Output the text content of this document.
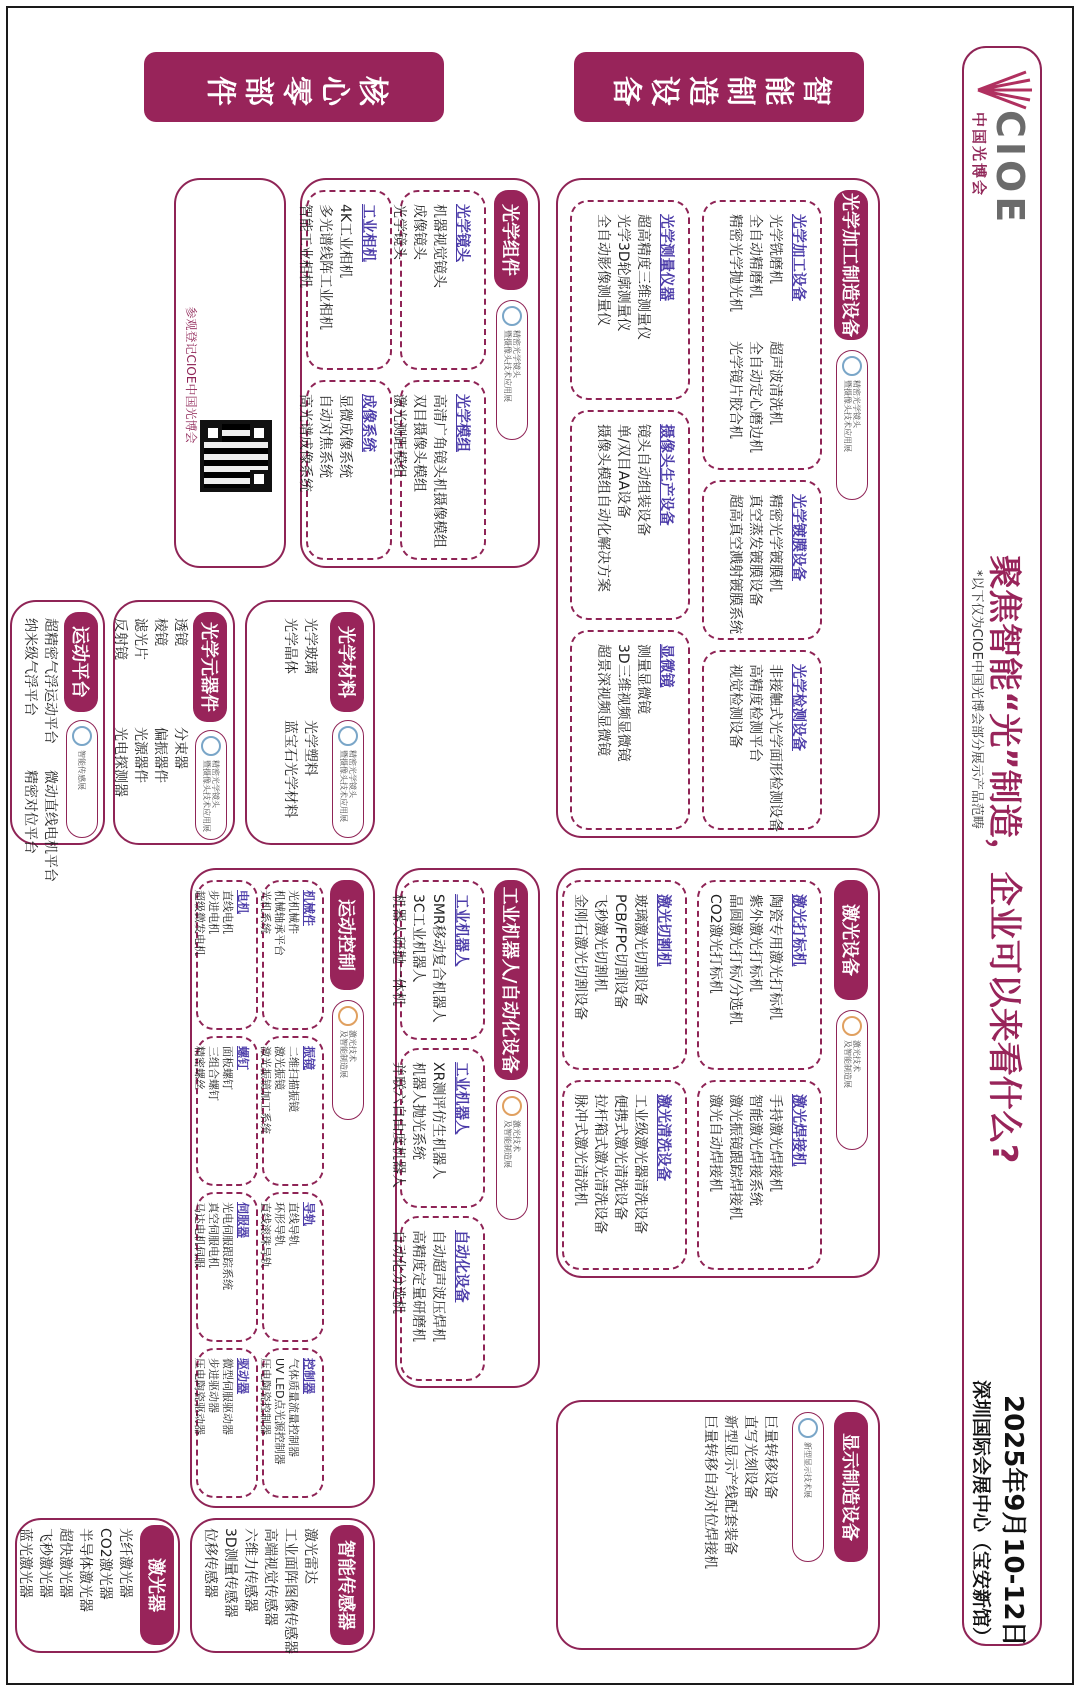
CIOE
中国光博会
聚焦智能“光”制造，企业可以来看什么?
*以下仅为CIOE中国光博会部分展示产品范畴
2025年9月10-12日
深圳国际会展中心（宝安新馆）
智能制造设备
核心零部件
光学加工制造设备
精密光学镜头
暨摄像头技术应用展
光学加工设备
光学铣磨机
超声波清洗机
全自动精磨机
全自动定心磨边机
精密光学抛光机
光学镜片胶合机
光学镀膜设备
精密光学镀膜机
真空蒸发镀膜设备
超高真空溅射镀膜系统
光学检测设备
非接触式光学面形检测设备
高精度检测平台
视觉检测设备
光学测量仪器
超高精度三维测量仪
光学3D轮廓测量仪
全自动影像测量仪
摄像头生产设备
镜头自动组装设备
单/双目AA设备
摄像头模组自动化解决方案
显微镜
测量显微镜
3D三维视频显微镜
超景深视频显微镜
激光设备
激光技术
及智能制造展
激光打标机
陶瓷专用激光打标机
紫外激光打标机
晶圆激光打标/分选机
CO2激光打标机
激光焊接机
手持激光焊接机
智能激光焊接系统
激光振镜跟踪焊接机
激光自动焊接机
激光切割机
玻璃激光切割设备
PCB/FPC切割设备
飞秒激光切割机
金刚石激光切割设备
激光清洗设备
工业级激光器清洗设备
便携式激光清洗设备
拉杆箱式激光清洗设备
脉冲式激光清洗机
显示制造设备
新型显示技术展
巨量转移设备
直写光刻设备
新型显示产线配套装备
巨量转移自动对位焊接机
工业机器人/自动化设备
激光技术
及智能制造展
工业机器人
SMR移动复合机器人
3C工业机器人
机器人研抛一体机
工业机器人
XR测评仿生机器人
机器人抛光系统
并联六自由度机器人
自动化设备
自动超声波压焊机
高精度定量研磨机
自动化分选机
光学组件
精密光学镜头
暨摄像头技术应用展
光学镜头
机器视觉镜头
成像镜头
光学镜头
光学模组
高清广角镜头机摄像模组
双目摄像头模组
激光测距模组
工业相机
4K工业相机
多光谱线阵工业相机
智能工业相机
成像系统
显微成像系统
自动对焦系统
高光谱成像系统
参观登记CIOE中国光博会
光学材料
精密光学镜头
暨摄像头技术应用展
光学玻璃
光学塑料
光学晶体
蓝宝石光学材料
光学元器件
精密光学镜头
暨摄像头技术应用展
透镜
分束器
棱镜
偏振器件
滤光片
光源器件
反射镜
光电探测器
运动平台
智能传感展
超精密气浮运动平台
微动直线电机平台
纳米级气浮平台
精密对位平台
运动控制
激光技术
及智能制造展
机械件
光机械件
机械轴承平台
光机系统
振镜
二维扫描振镜
激光振镜
激光振镜加工系统
导轨
直线导轨
环形导轨
直线滚珠导轨
控制器
气体质量流量控制器
UV LED点光源控制器
压电陶瓷控制器
电机
直线电机
步进电机
超级微发电机
螺钉
面板螺钉
三组合螺钉
精密螺丝
伺服器
光电伺服跟踪系统
真空伺服电机
马达电机伺服
驱动器
微型伺服驱动器
步进驱动器
压电陶瓷驱动器
智能传感器
激光雷达
工业面阵图像传感器
高端视觉传感器
六维力传感器
3D测量传感器
位移传感器
激光器
光纤激光器
CO2激光器
半导体激光器
超快激光器
飞秒激光器
蓝光激光器
